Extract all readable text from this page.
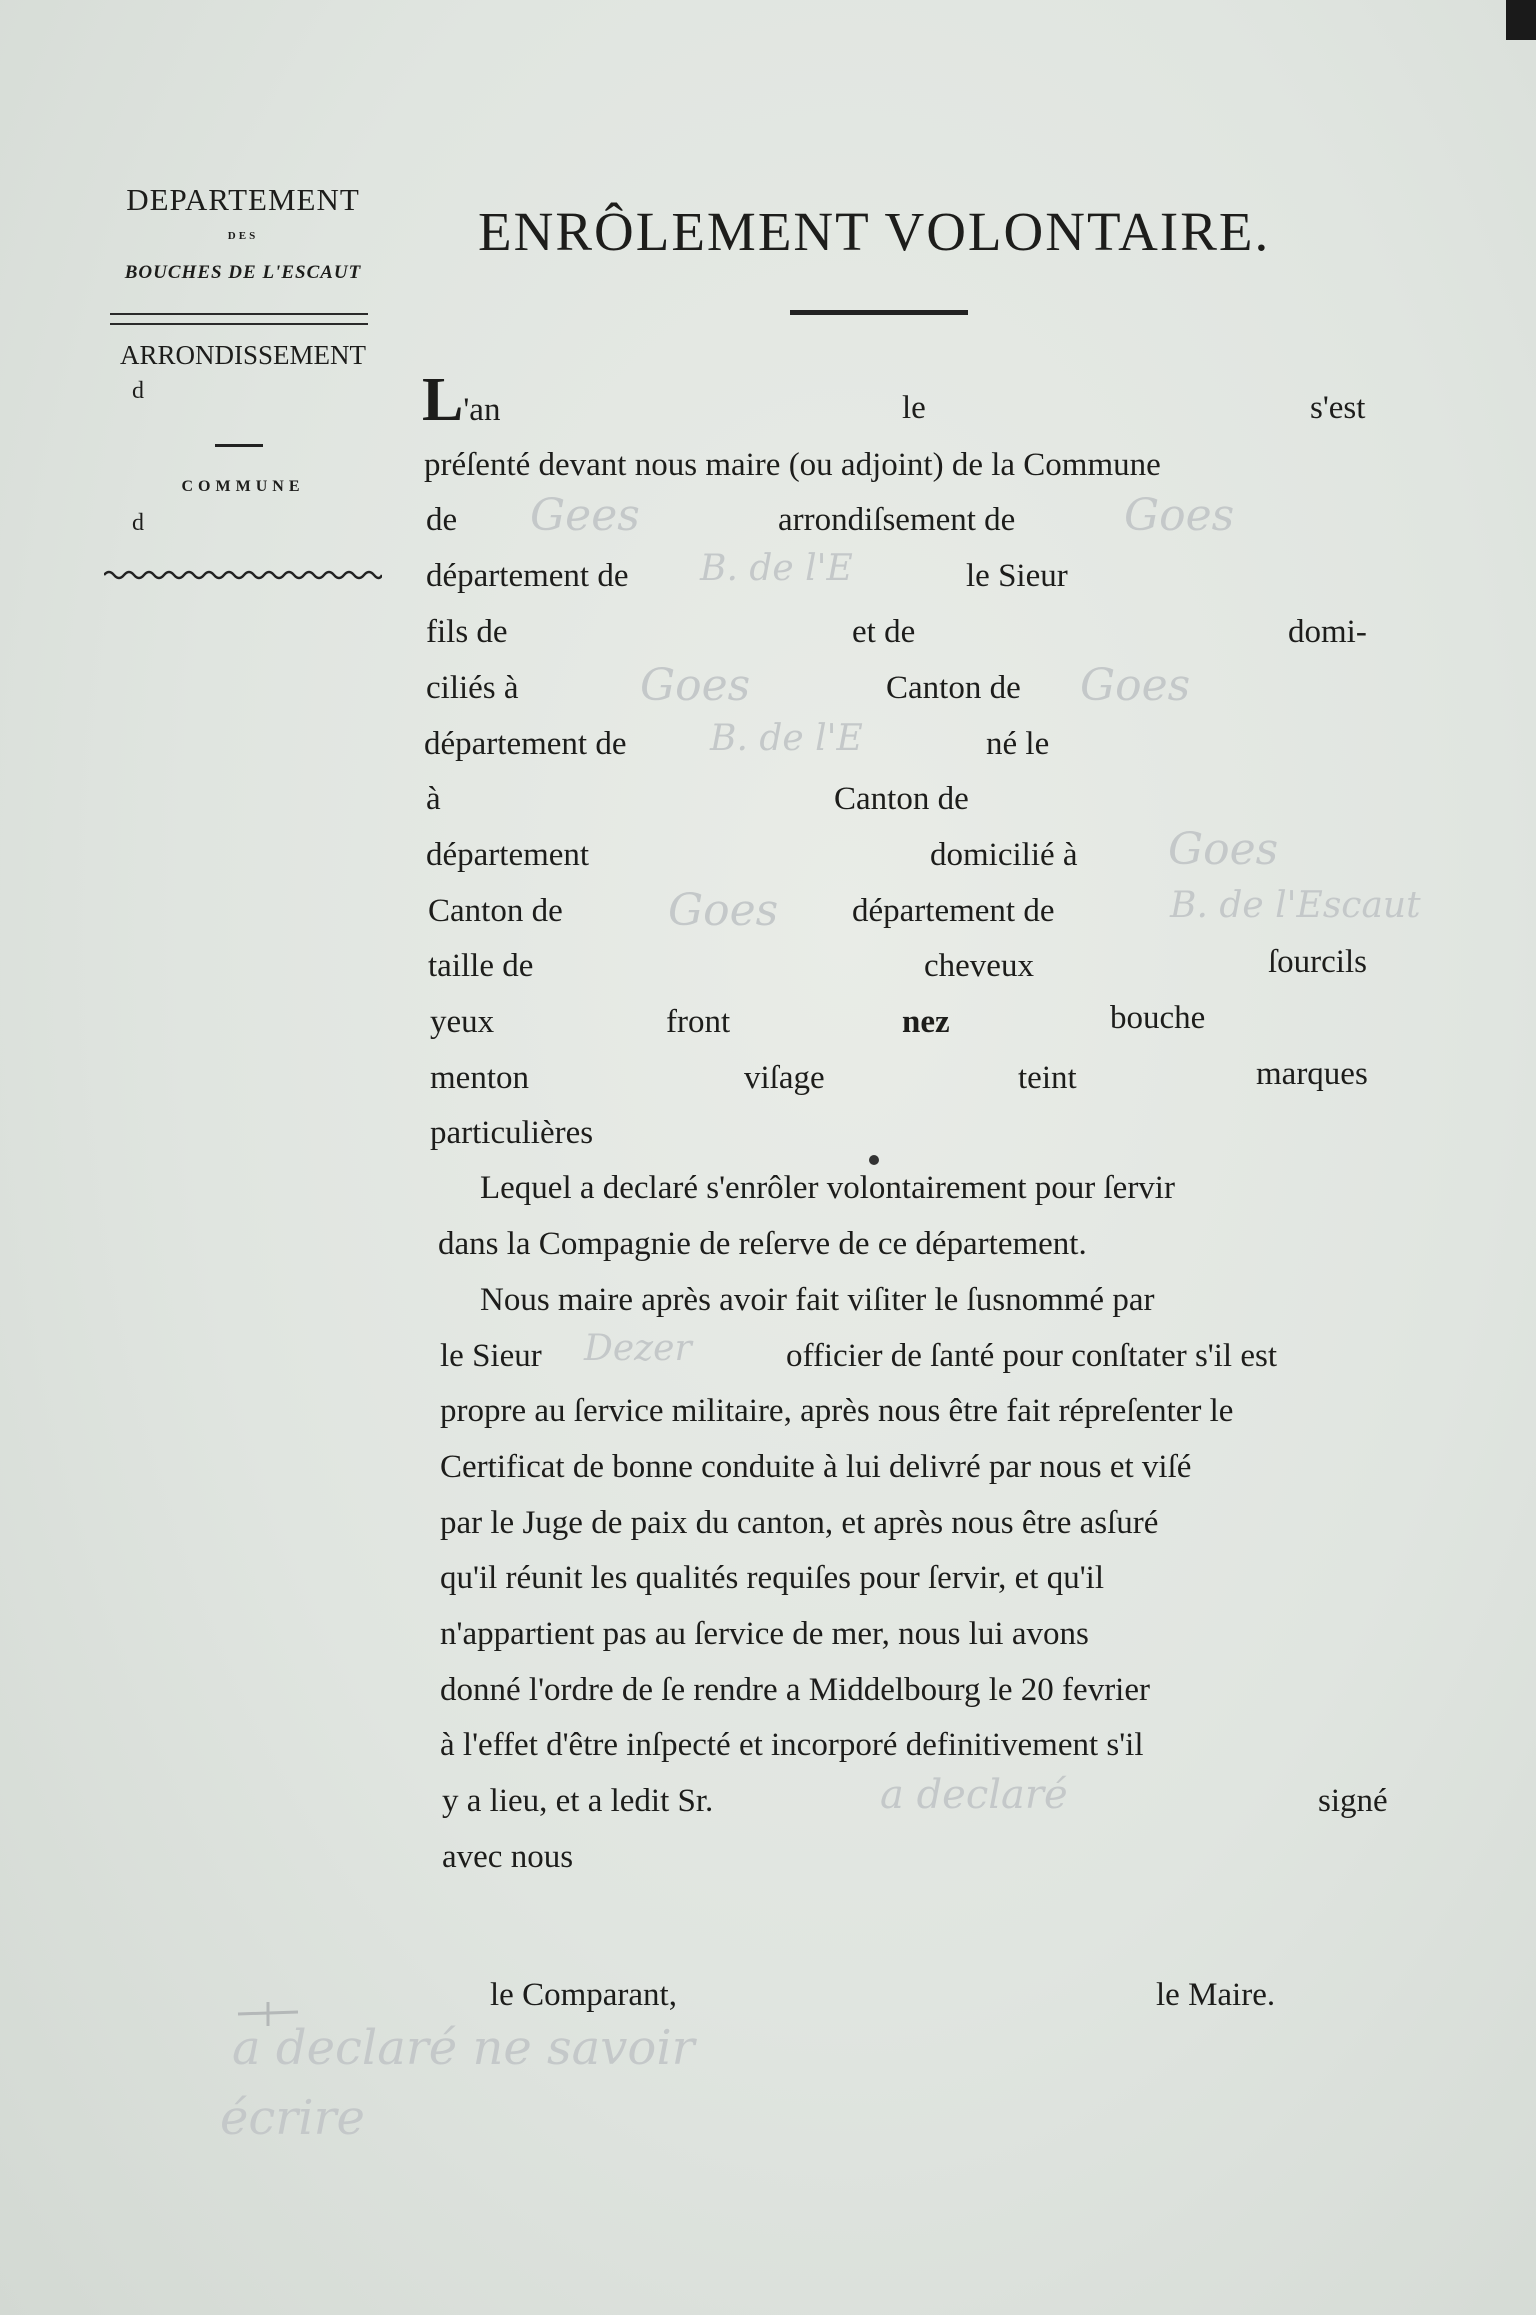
DEPARTEMENT
DES
BOUCHES DE L'ESCAUT
ARRONDISSEMENT
d
COMMUNE
d
ENRÔLEMENT VOLONTAIRE.
L'an	le	s'est
préſenté devant nous maire (ou adjoint) de la Commune
de	arrondiſsement de
département de	le Sieur
fils de	et de	domi-
ciliés à	Canton de
département de	né le
à	Canton de
département	domicilié à
Canton de	département de
taille de	cheveux	ſourcils
yeux	front	nez	bouche
menton	viſage	teint	marques
particulières
Lequel a declaré s'enrôler volontairement pour ſervir
dans la Compagnie de reſerve de ce département.
Nous maire après avoir fait viſiter le ſusnommé par
le Sieur	officier de ſanté pour conſtater s'il est
propre au ſervice militaire, après nous être fait répreſenter le
Certificat de bonne conduite à lui delivré par nous et viſé
par le Juge de paix du canton, et après nous être asſuré
qu'il réunit les qualités requiſes pour ſervir, et qu'il
n'appartient pas au ſervice de mer, nous lui avons
donné l'ordre de ſe rendre a Middelbourg le 20 fevrier
à l'effet d'être inſpecté et incorporé definitivement s'il
y a lieu, et a ledit Sr.	signé
avec nous
le Comparant,	le Maire.
Gees	Goes
B. de l'E
Goes	Goes
B. de l'E
Goes
Goes	B. de l'Escaut
Dezer
a declaré
a declaré ne savoir
écrire
